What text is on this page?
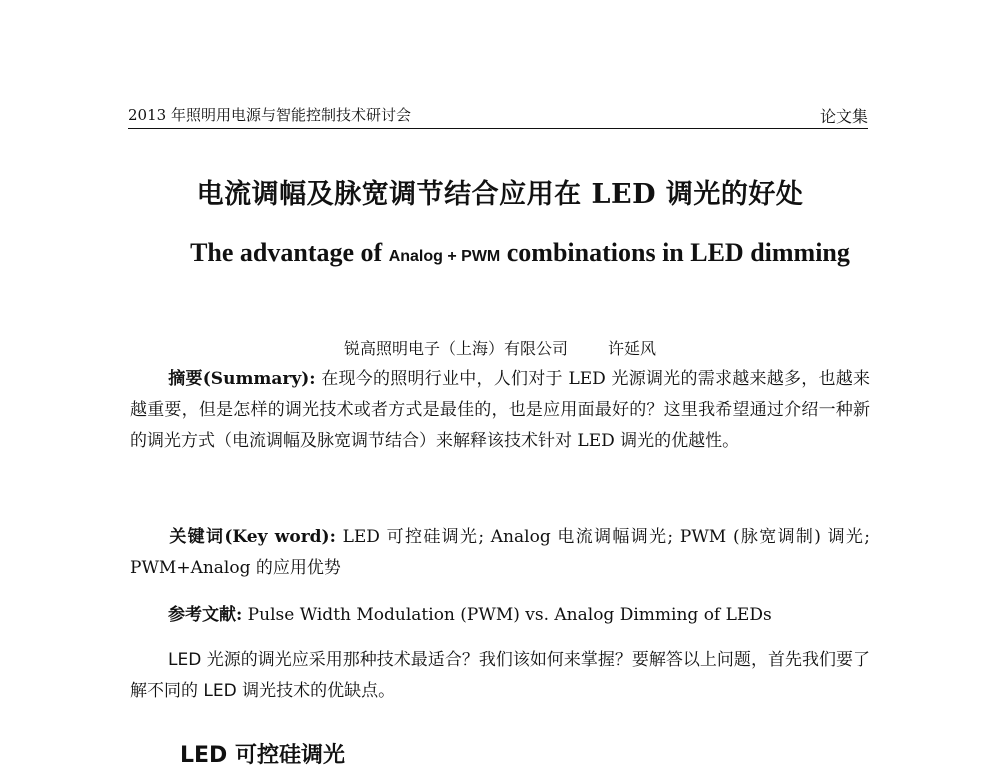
2013 年照明用电源与智能控制技术研讨会	论文集
电流调幅及脉宽调节结合应用在 LED 调光的好处
The advantage of Analog + PWM combinations in LED dimming
锐高照明电子（上海）有限公司	许延风
摘要(Summary): 在现今的照明行业中，人们对于 LED 光源调光的需求越来越多，也越来越重要，但是怎样的调光技术或者方式是最佳的，也是应用面最好的？这里我希望通过介绍一种新的调光方式（电流调幅及脉宽调节结合）来解释该技术针对 LED 调光的优越性。
关键词(Key word): LED 可控硅调光; Analog 电流调幅调光; PWM (脉宽调制) 调光; PWM+Analog 的应用优势
参考文献: Pulse Width Modulation (PWM) vs. Analog Dimming of LEDs
LED 光源的调光应采用那种技术最适合？我们该如何来掌握？要解答以上问题，首先我们要了解不同的 LED 调光技术的优缺点。
LED 可控硅调光
